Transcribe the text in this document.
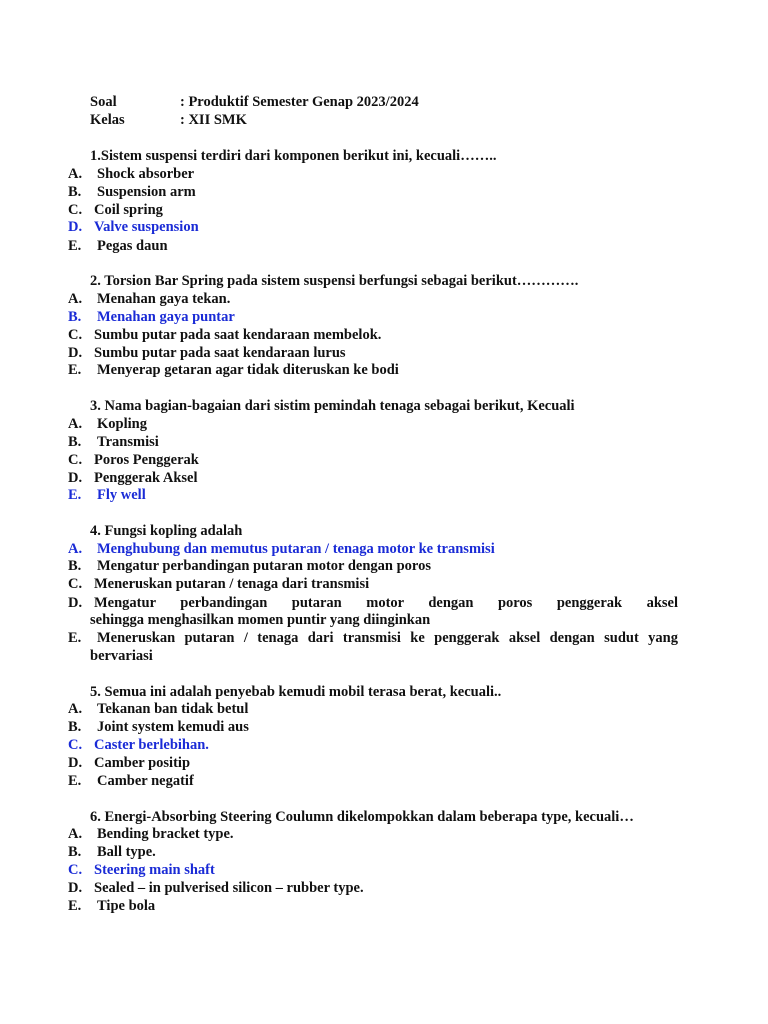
Soal	: Produktif Semester Genap 2023/2024
Kelas	: XII SMK
1.Sistem suspensi terdiri dari komponen berikut ini, kecuali……..
A. Shock absorber
B. Suspension arm
C. Coil spring
D. Valve suspension
E. Pegas daun
2. Torsion Bar Spring pada sistem suspensi berfungsi sebagai berikut………….
A. Menahan gaya tekan.
B. Menahan gaya puntar
C. Sumbu putar pada saat kendaraan membelok.
D. Sumbu putar pada saat kendaraan lurus
E. Menyerap getaran agar tidak diteruskan ke bodi
3. Nama bagian-bagaian dari sistim pemindah tenaga sebagai berikut, Kecuali
A. Kopling
B. Transmisi
C. Poros Penggerak
D. Penggerak Aksel
E. Fly well
4. Fungsi kopling adalah
A. Menghubung dan memutus putaran / tenaga motor ke transmisi
B. Mengatur perbandingan putaran motor dengan poros
C. Meneruskan putaran / tenaga dari transmisi
D. Mengatur perbandingan putaran motor dengan poros penggerak aksel
sehingga menghasilkan momen puntir yang diinginkan
E. Meneruskan putaran / tenaga dari transmisi ke penggerak aksel dengan sudut yang
bervariasi
5. Semua ini adalah penyebab kemudi mobil terasa berat, kecuali..
A. Tekanan ban tidak betul
B. Joint system kemudi aus
C. Caster berlebihan.
D. Camber positip
E. Camber negatif
6. Energi-Absorbing Steering Coulumn dikelompokkan dalam beberapa type, kecuali…
A. Bending bracket type.
B. Ball type.
C. Steering main shaft
D. Sealed – in pulverised silicon – rubber type.
E. Tipe bola
